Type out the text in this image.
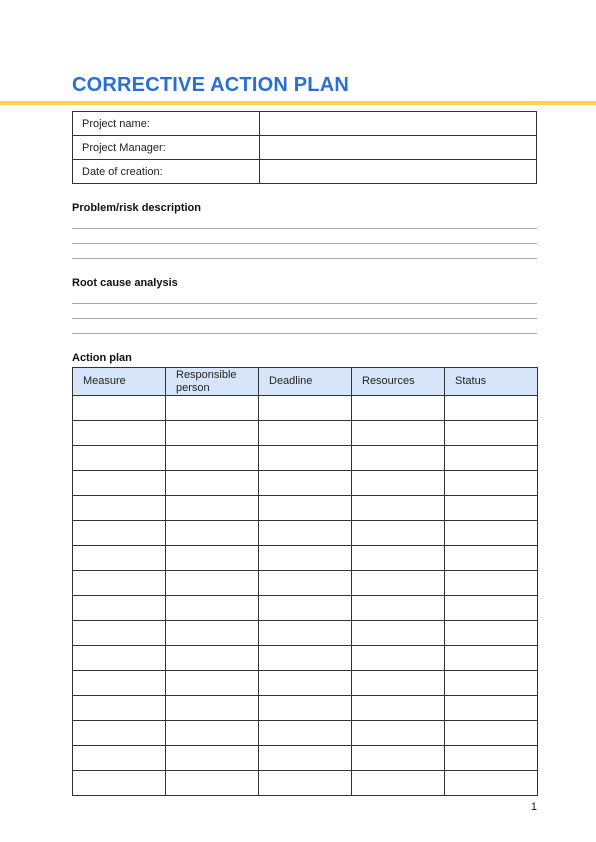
CORRECTIVE ACTION PLAN
Project name:	
Project Manager:	
Date of creation:	
Problem/risk description
Root cause analysis
Action plan
Measure	Responsible person	Deadline	Resources	Status

1
